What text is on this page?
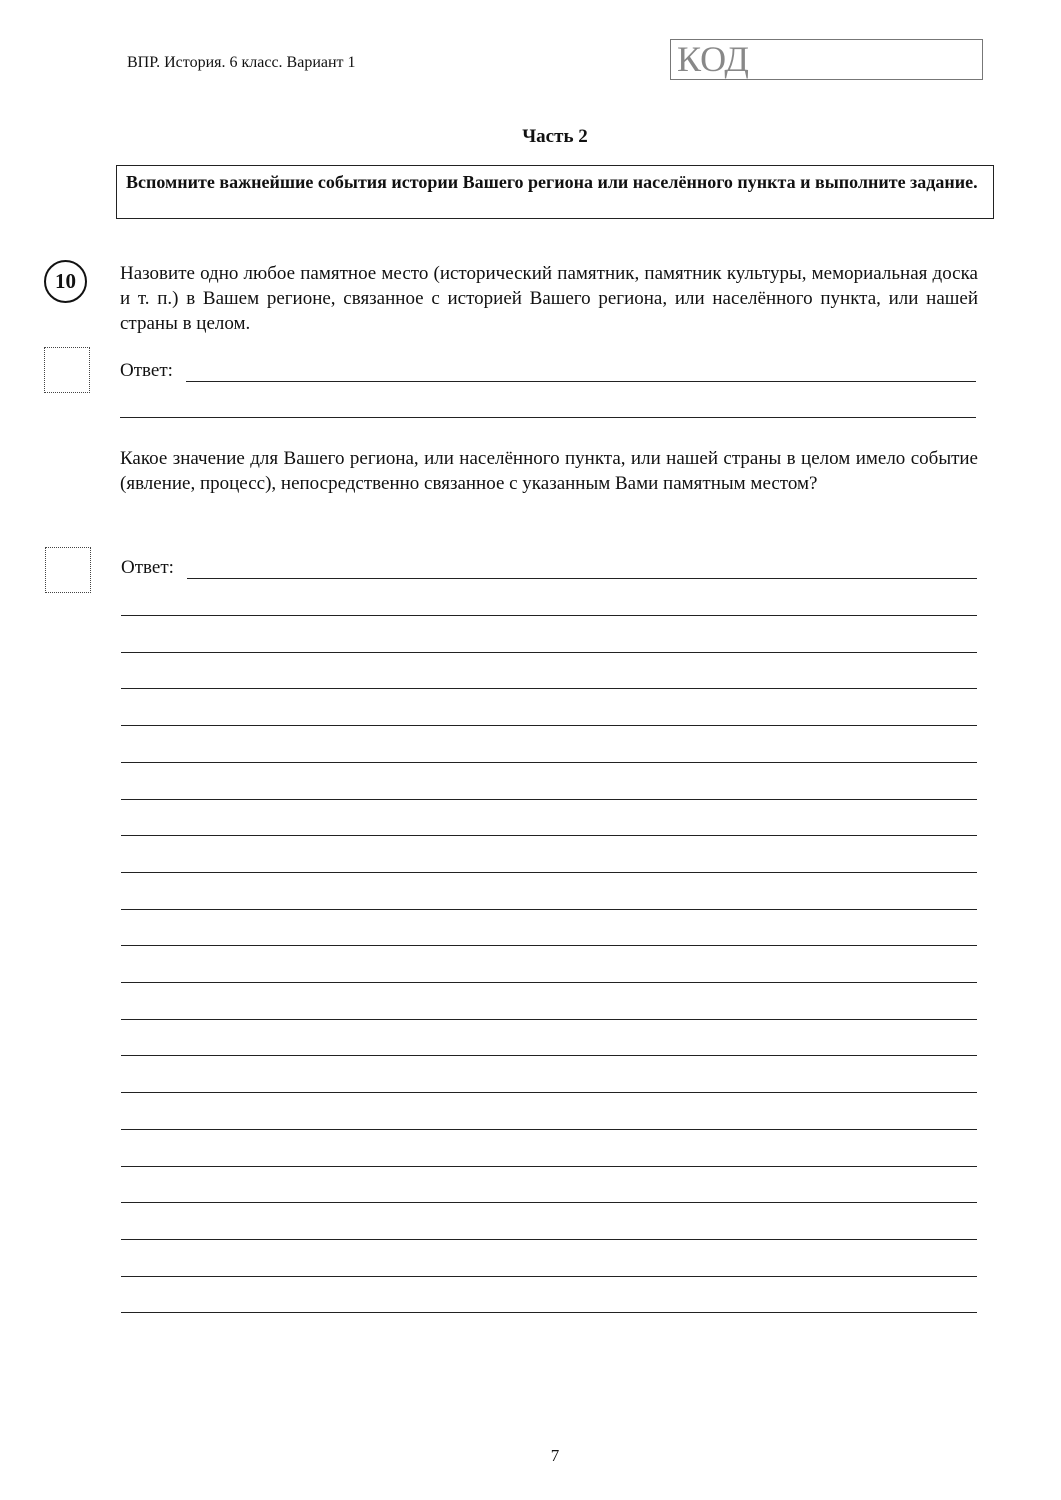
ВПР. История. 6 класс. Вариант 1	КОД
Часть 2
Вспомните важнейшие события истории Вашего региона или населённого пункта и выполните задание.
10	Назовите одно любое памятное место (исторический памятник, памятник культуры, мемориальная доска и т. п.) в Вашем регионе, связанное с историей Вашего региона, или населённого пункта, или нашей страны в целом.
Ответ:
Какое значение для Вашего региона, или населённого пункта, или нашей страны в целом имело событие (явление, процесс), непосредственно связанное с указанным Вами памятным местом?
Ответ:
7
